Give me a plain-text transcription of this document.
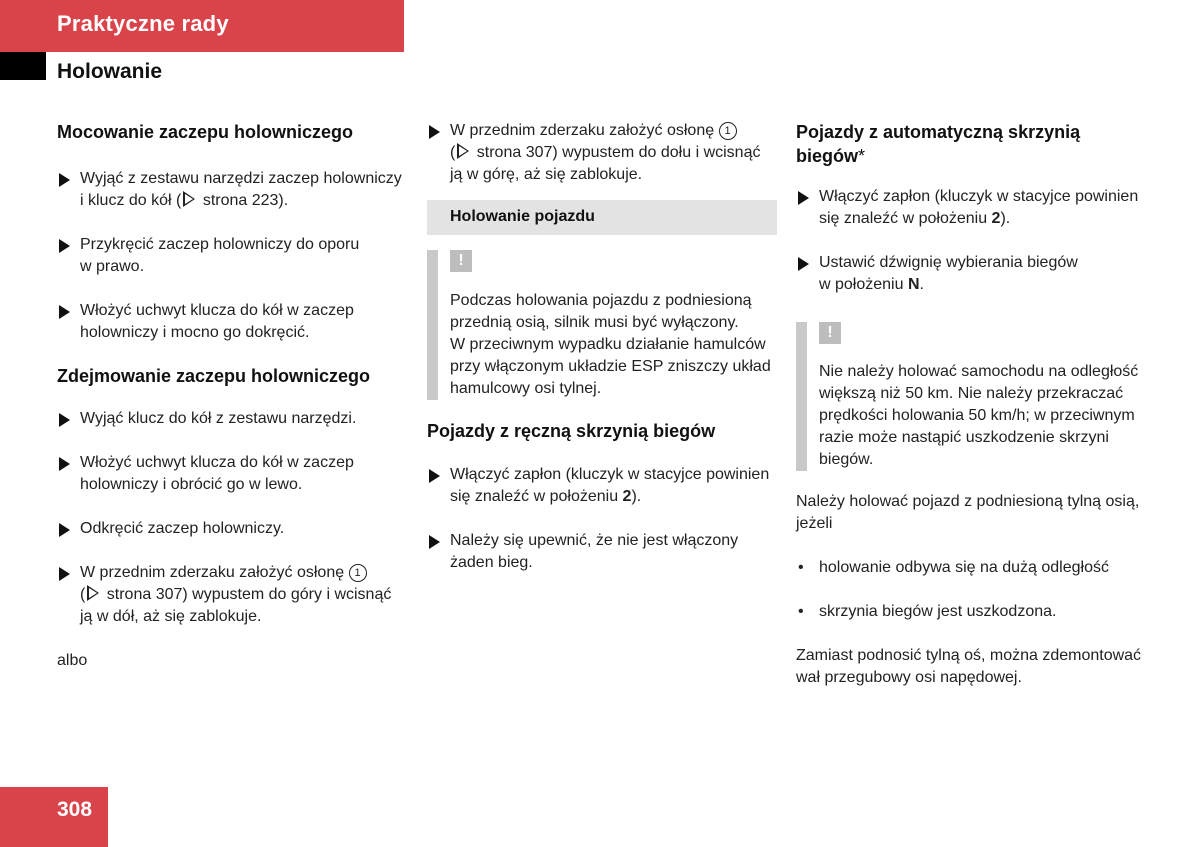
Praktyczne rady
Holowanie
Mocowanie zaczepu holowniczego
Wyjąć z zestawu narzędzi zaczep holowniczy
i klucz do kół ( strona 223).
Przykręcić zaczep holowniczy do oporu
w prawo.
Włożyć uchwyt klucza do kół w zaczep
holowniczy i mocno go dokręcić.
Zdejmowanie zaczepu holowniczego
Wyjąć klucz do kół z zestawu narzędzi.
Włożyć uchwyt klucza do kół w zaczep
holowniczy i obrócić go w lewo.
Odkręcić zaczep holowniczy.
W przednim zderzaku założyć osłonę 1
( strona 307) wypustem do góry i wcisnąć
ją w dół, aż się zablokuje.

albo

W przednim zderzaku założyć osłonę 1
( strona 307) wypustem do dołu i wcisnąć
ją w górę, aż się zablokuje.
Holowanie pojazdu
!
Podczas holowania pojazdu z podniesioną
przednią osią, silnik musi być wyłączony.
W przeciwnym wypadku działanie hamulców
przy włączonym układzie ESP zniszczy układ
hamulcowy osi tylnej.
Pojazdy z ręczną skrzynią biegów
Włączyć zapłon (kluczyk w stacyjce powinien
się znaleźć w położeniu 2).
Należy się upewnić, że nie jest włączony
żaden bieg.
Pojazdy z automatyczną skrzynią
biegów*
Włączyć zapłon (kluczyk w stacyjce powinien
się znaleźć w położeniu 2).
Ustawić dźwignię wybierania biegów
w położeniu N.
!
Nie należy holować samochodu na odległość
większą niż 50 km. Nie należy przekraczać
prędkości holowania 50 km/h; w przeciwnym
razie może nastąpić uszkodzenie skrzyni
biegów.

Należy holować pojazd z podniesioną tylną osią,
jeżeli

• holowanie odbywa się na dużą odległość
• skrzynia biegów jest uszkodzona.

Zamiast podnosić tylną oś, można zdemontować
wał przegubowy osi napędowej.

308
